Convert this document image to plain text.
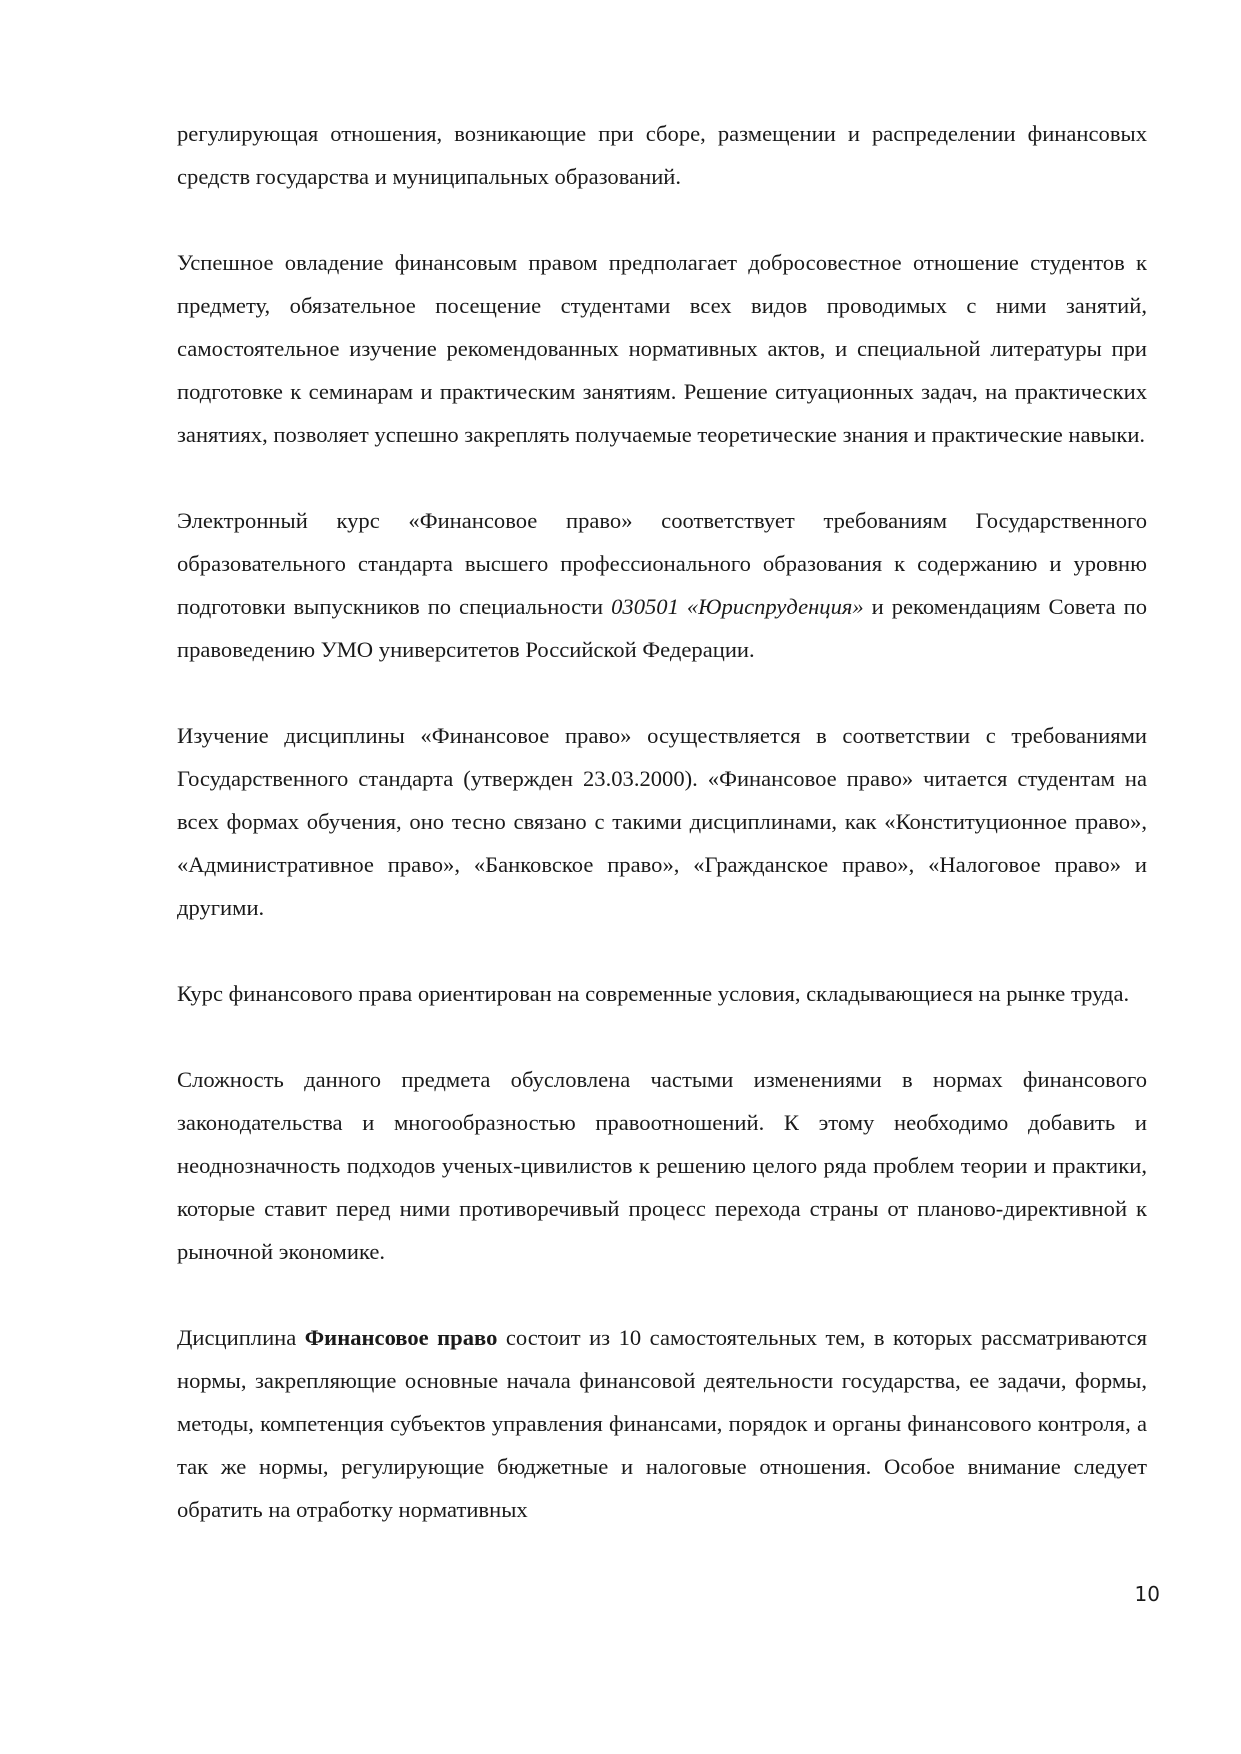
регулирующая отношения, возникающие при сборе, размещении и распределении финансовых средств государства и муниципальных образований.

Успешное овладение финансовым правом предполагает добросовестное отношение студентов к предмету, обязательное посещение студентами всех видов проводимых с ними занятий, самостоятельное изучение рекомендованных нормативных актов, и специальной литературы при подготовке к семинарам и практическим занятиям. Решение ситуационных задач, на практических занятиях, позволяет успешно закреплять получаемые теоретические знания и практические навыки.

Электронный курс «Финансовое право» соответствует требованиям Государственного образовательного стандарта высшего профессионального образования к содержанию и уровню подготовки выпускников по специальности 030501 «Юриспруденция» и рекомендациям Совета по правоведению УМО университетов Российской Федерации.

Изучение дисциплины «Финансовое право» осуществляется в соответствии с требованиями Государственного стандарта (утвержден 23.03.2000). «Финансовое право» читается студентам на всех формах обучения, оно тесно связано с такими дисциплинами, как «Конституционное право», «Административное право», «Банковское право», «Гражданское право», «Налоговое право» и другими.

Курс финансового права ориентирован на современные условия, складывающиеся на рынке труда.

Сложность данного предмета обусловлена частыми изменениями в нормах финансового законодательства и многообразностью правоотношений. К этому необходимо добавить и неоднозначность подходов ученых-цивилистов к решению целого ряда проблем теории и практики, которые ставит перед ними противоречивый процесс перехода страны от планово-директивной к рыночной экономике.

Дисциплина Финансовое право состоит из 10 самостоятельных тем, в которых рассматриваются нормы, закрепляющие основные начала финансовой деятельности государства, ее задачи, формы, методы, компетенция субъектов управления финансами, порядок и органы финансового контроля, а так же нормы, регулирующие бюджетные и налоговые отношения. Особое внимание следует обратить на отработку нормативных

10
